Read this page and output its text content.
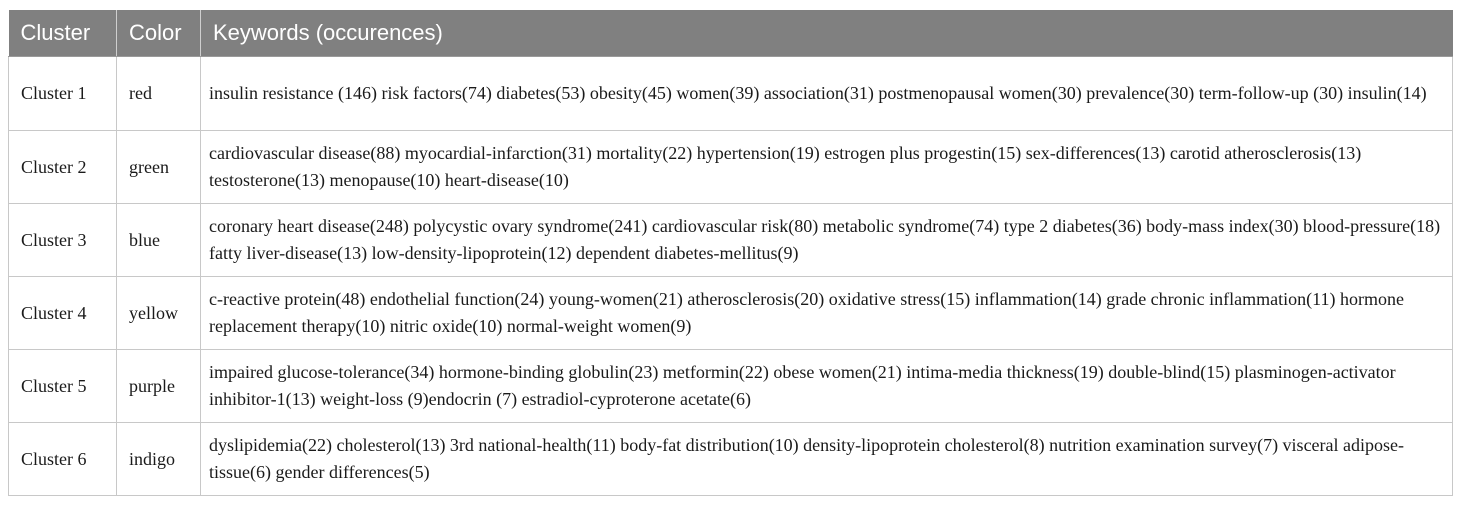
Cluster	Color	Keywords (occurences)
Cluster 1	red	insulin resistance (146) risk factors(74) diabetes(53) obesity(45) women(39) association(31) postmenopausal women(30) prevalence(30) term-follow-up (30) insulin(14)
Cluster 2	green	cardiovascular disease(88) myocardial-infarction(31) mortality(22) hypertension(19) estrogen plus progestin(15) sex-differences(13) carotid atherosclerosis(13) testosterone(13) menopause(10) heart-disease(10)
Cluster 3	blue	coronary heart disease(248) polycystic ovary syndrome(241) cardiovascular risk(80) metabolic syndrome(74) type 2 diabetes(36) body-mass index(30) blood-pressure(18) fatty liver-disease(13) low-density-lipoprotein(12) dependent diabetes-mellitus(9)
Cluster 4	yellow	c-reactive protein(48) endothelial function(24) young-women(21) atherosclerosis(20) oxidative stress(15) inflammation(14) grade chronic inflammation(11) hormone replacement therapy(10) nitric oxide(10) normal-weight women(9)
Cluster 5	purple	impaired glucose-tolerance(34) hormone-binding globulin(23) metformin(22) obese women(21) intima-media thickness(19) double-blind(15) plasminogen-activator inhibitor-1(13) weight-loss (9)endocrin (7) estradiol-cyproterone acetate(6)
Cluster 6	indigo	dyslipidemia(22) cholesterol(13) 3rd national-health(11) body-fat distribution(10) density-lipoprotein cholesterol(8) nutrition examination survey(7) visceral adipose-tissue(6) gender differences(5)
